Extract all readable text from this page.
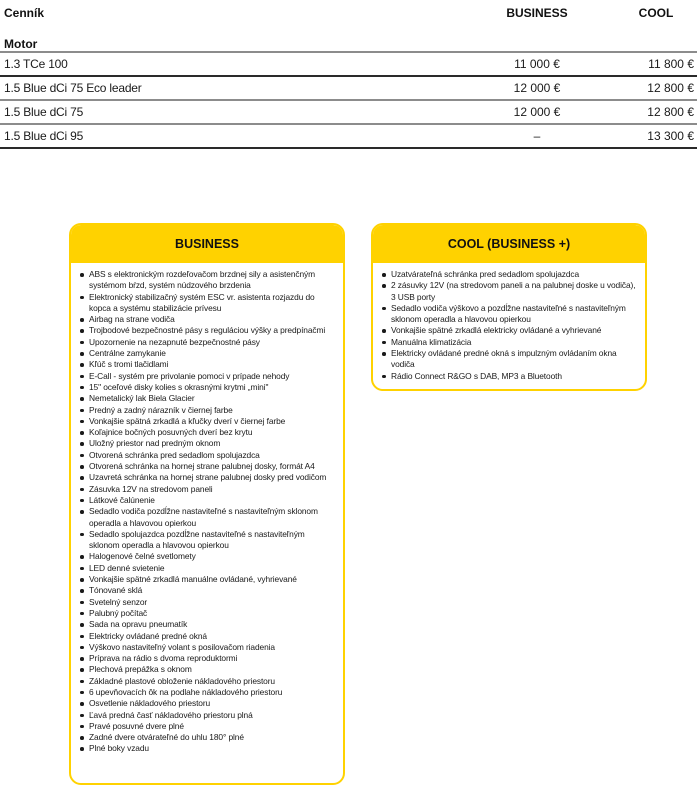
Cenník	BUSINESS	COOL
Motor
1.3 TCe 100	11 000 €	11 800 €
1.5 Blue dCi 75 Eco leader	12 000 €	12 800 €
1.5 Blue dCi 75	12 000 €	12 800 €
1.5 Blue dCi 95	–	13 300 €
BUSINESS
ABS s elektronickým rozdeľovačom brzdnej sily a asistenčným systémom bŕzd, systém núdzového brzdenia
Elektronický stabilizačný systém ESC vr. asistenta rozjazdu do kopca a systému stabilizácie prívesu
Airbag na strane vodiča
Trojbodové bezpečnostné pásy s reguláciou výšky a predpínačmi
Upozornenie na nezapnuté bezpečnostné pásy
Centrálne zamykanie
Kľúč s tromi tlačidlami
E-Call - systém pre privolanie pomoci v prípade nehody
15" oceľové disky kolies s okrasnými krytmi „mini"
Nemetalický lak Biela Glacier
Predný a zadný nárazník v čiernej farbe
Vonkajšie spätná zrkadlá a kľučky dverí v čiernej farbe
Koľajnice bočných posuvných dverí bez krytu
Uložný priestor nad predným oknom
Otvorená schránka pred sedadlom spolujazdca
Otvorená schránka na hornej strane palubnej dosky, formát A4
Uzavretá schránka na hornej strane palubnej dosky pred vodičom
Zásuvka 12V na stredovom paneli
Látkové čalúnenie
Sedadlo vodiča pozdĺžne nastaviteľné s nastaviteľným sklonom operadla a hlavovou opierkou
Sedadlo spolujazdca pozdĺžne nastaviteľné s nastaviteľným sklonom operadla a hlavovou opierkou
Halogenové čelné svetlomety
LED denné svietenie
Vonkajšie spätné zrkadlá manuálne ovládané, vyhrievané
Tónované sklá
Svetelný senzor
Palubný počítač
Sada na opravu pneumatík
Elektricky ovládané predné okná
Výškovo nastaviteľný volant s posilovačom riadenia
Príprava na rádio s dvoma reproduktormi
Plechová prepážka s oknom
Základné plastové obloženie nákladového priestoru
6 upevňovacích ôk na podlahe nákladového priestoru
Osvetlenie nákladového priestoru
Ľavá predná časť nákladového priestoru plná
Pravé posuvné dvere plné
Zadné dvere otvárateľné do uhlu 180° plné
Plné boky vzadu
COOL (BUSINESS +)
Uzatvárateľná schránka pred sedadlom spolujazdca
2 zásuvky 12V (na stredovom paneli a na palubnej doske u vodiča), 3 USB porty
Sedadlo vodiča výškovo a pozdĺžne nastaviteľné s nastaviteľným sklonom operadla a hlavovou opierkou
Vonkajšie spätné zrkadlá elektricky ovládané a vyhrievané
Manuálna klimatizácia
Elektricky ovládané predné okná s impulzným ovládaním okna vodiča
Rádio Connect R&GO s DAB, MP3 a Bluetooth
